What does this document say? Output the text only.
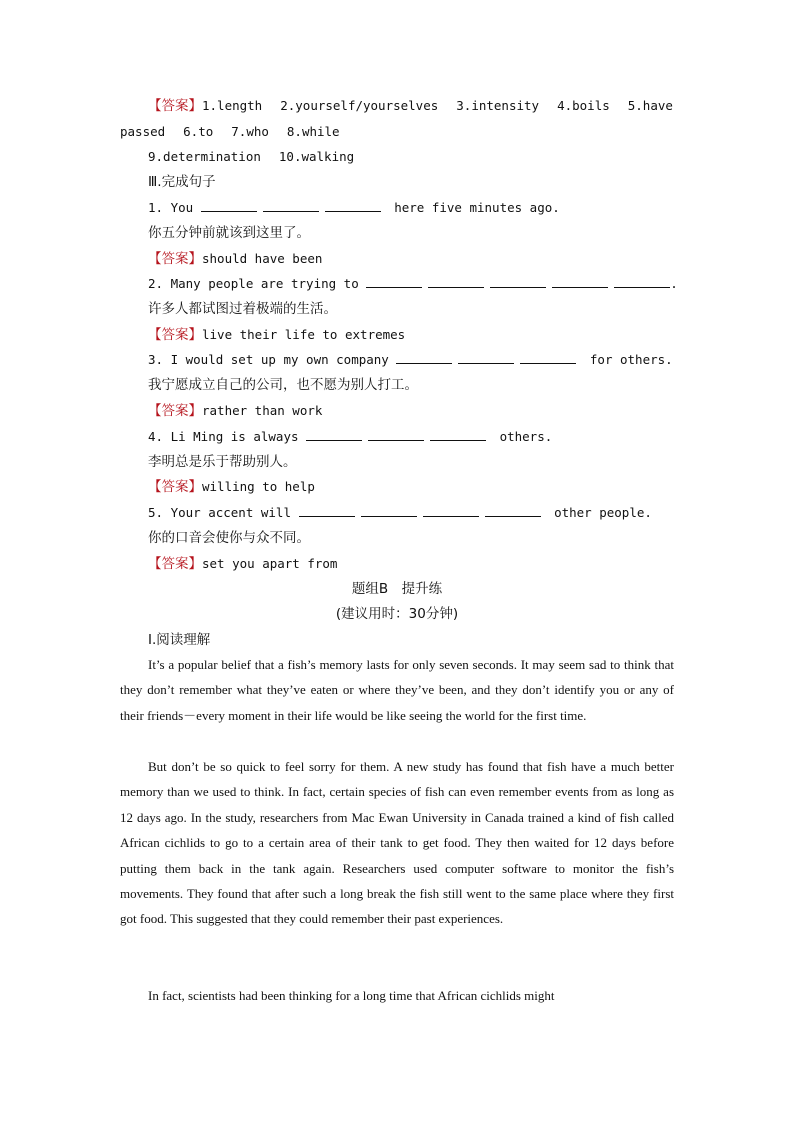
【答案】1.length 2.yourself/yourselves 3.intensity 4.boils 5.have
passed 6.to 7.who 8.while
9.determination 10.walking
Ⅲ.完成句子
1. You	here five minutes ago.
你五分钟前就该到这里了。
【答案】should have been
2. Many people are trying to	.
许多人都试图过着极端的生活。
【答案】live their life to extremes
3. I would set up my own company	for others.
我宁愿成立自己的公司，也不愿为别人打工。
【答案】rather than work
4. Li Ming is always	others.
李明总是乐于帮助别人。
【答案】willing to help
5. Your accent will	other people.
你的口音会使你与众不同。
【答案】set you apart from
题组B　提升练
(建议用时：30分钟)
Ⅰ.阅读理解
It’s a popular belief that a fish’s memory lasts for only seven seconds. It may seem sad to think that they don’t remember what they’ve eaten or where they’ve been, and they don’t identify you or any of their friends－every moment in their life would be like seeing the world for the first time.
But don’t be so quick to feel sorry for them. A new study has found that fish have a much better memory than we used to think. In fact, certain species of fish can even remember events from as long as 12 days ago. In the study, researchers from Mac Ewan University in Canada trained a kind of fish called African cichlids to go to a certain area of their tank to get food. They then waited for 12 days before putting them back in the tank again. Researchers used computer software to monitor the fish’s movements. They found that after such a long break the fish still went to the same place where they first got food. This suggested that they could remember their past experiences.
In fact, scientists had been thinking for a long time that African cichlids might
